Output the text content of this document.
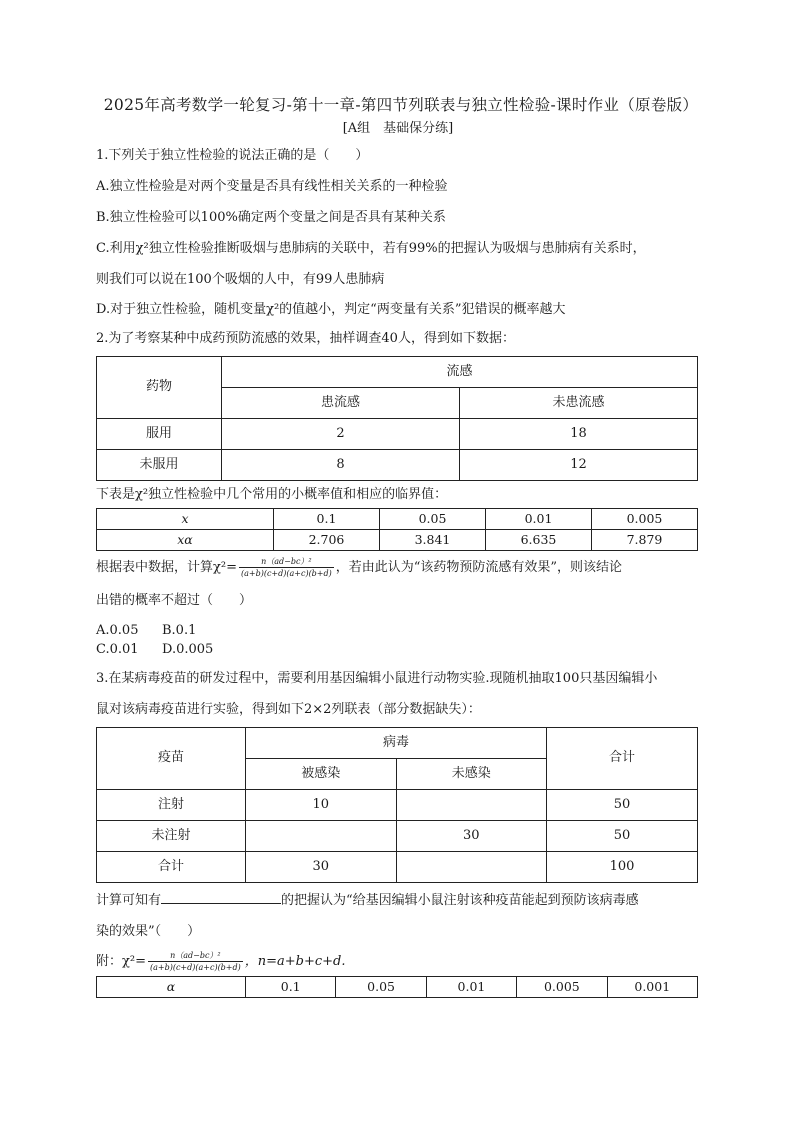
2025年高考数学一轮复习-第十一章-第四节列联表与独立性检验-课时作业（原卷版）
[A组　基础保分练]

1.下列关于独立性检验的说法正确的是（　　）

A.独立性检验是对两个变量是否具有线性相关关系的一种检验

B.独立性检验可以100%确定两个变量之间是否具有某种关系

C.利用χ²独立性检验推断吸烟与患肺病的关联中，若有99%的把握认为吸烟与患肺病有关系时，

则我们可以说在100个吸烟的人中，有99人患肺病

D.对于独立性检验，随机变量χ²的值越小，判定“两变量有关系”犯错误的概率越大

2.为了考察某种中成药预防流感的效果，抽样调查40人，得到如下数据：

药物	流感	
	患流感	未患流感
服用	2	18
未服用	8	12

下表是χ²独立性检验中几个常用的小概率值和相应的临界值：

x	0.1	0.05	0.01	0.005
xα	2.706	3.841	6.635	7.879

根据表中数据，计算$\chi^2= \frac{\text{n（ad−bc）²}}{(a+b)(c+d)(a+c)(b+d)}$ ，若由此认为“该药物预防流感有效果”，则该结论

出错的概率不超过（　　）

A.0.05 B.0.1

C.0.01 D.0.005

3.在某病毒疫苗的研发过程中，需要利用基因编辑小鼠进行动物实验.现随机抽取100只基因编辑小

鼠对该病毒疫苗进行实验，得到如下2×2列联表（部分数据缺失）：

疫苗	病毒		合计
	被感染	未感染	
注射	10		50
未注射		30	50
合计	30		100

计算可知有	的把握认为“给基因编辑小鼠注射该种疫苗能起到预防该病毒感

染的效果”（　　）

附：$\chi^2= \frac{\text{n（ad−bc）²}}{(a+b)(c+d)(a+c)(b+d)}$ ，n=a+b+c+d.

α	0.1	0.05	0.01	0.005	0.001
